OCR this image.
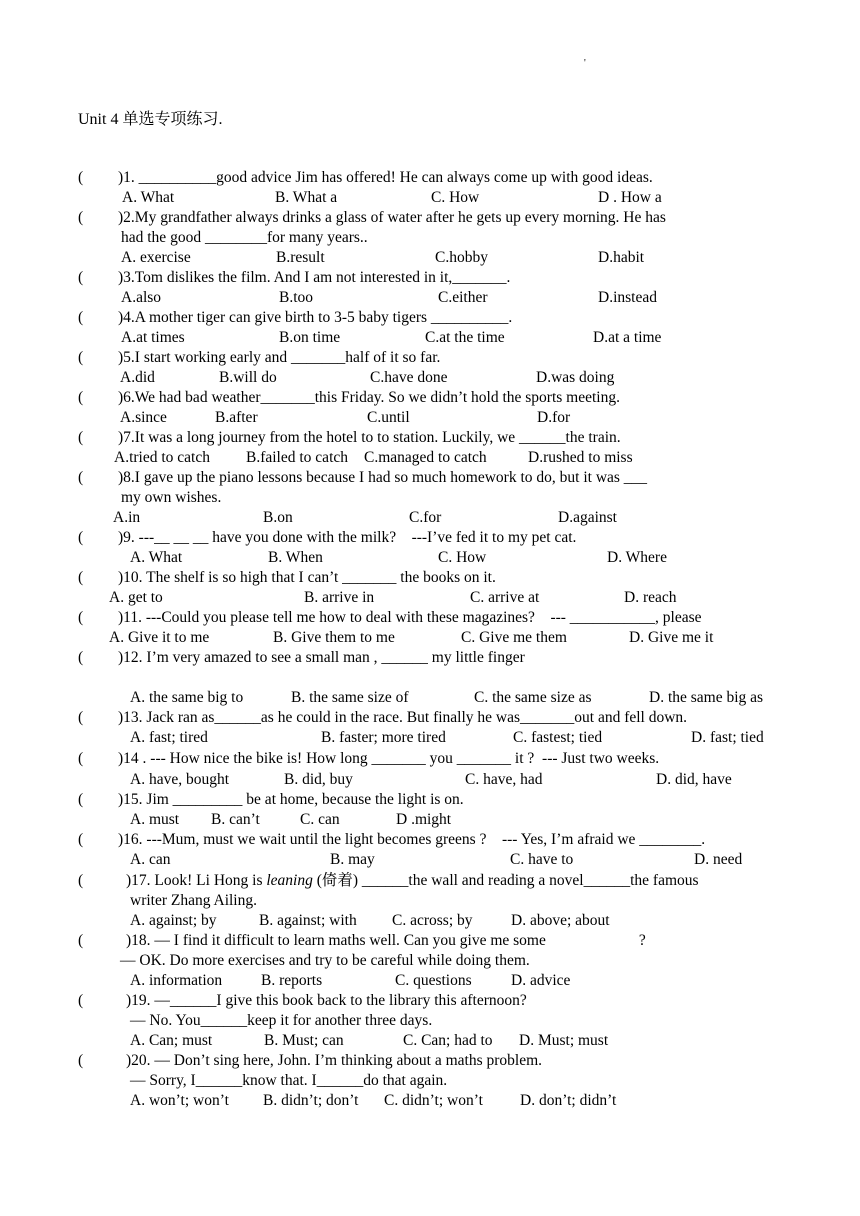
'
Unit 4 单选专项练习.
( )1. __________good advice Jim has offered! He can always come up with good ideas.
A. What	B. What a	C. How	D . How a
( )2.My grandfather always drinks a glass of water after he gets up every morning. He has
had the good ________for many years..
A. exercise	B.result	C.hobby	D.habit
( )3.Tom dislikes the film. And I am not interested in it,_______.
A.also	B.too	C.either	D.instead
( )4.A mother tiger can give birth to 3-5 baby tigers __________.
A.at times	B.on time	C.at the time	D.at a time
( )5.I start working early and _______half of it so far.
A.did	B.will do	C.have done	D.was doing
( )6.We had bad weather_______this Friday. So we didn’t hold the sports meeting.
A.since	B.after	C.until	D.for
( )7.It was a long journey from the hotel to to station. Luckily, we ______the train.
A.tried to catch B.failed to catch C.managed to catch	D.rushed to miss
( )8.I gave up the piano lessons because I had so much homework to do, but it was ___
my own wishes.
A.in	B.on	C.for	D.against
( )9. ---__ __ __ have you done with the milk?    ---I’ve fed it to my pet cat.
A. What	B. When	C. How	D. Where
( )10. The shelf is so high that I can’t _______ the books on it.
A. get to	B. arrive in	C. arrive at	D. reach
( )11. ---Could you please tell me how to deal with these magazines?    --- ___________, please
A. Give it to me	B. Give them to me	C. Give me them	D. Give me it
( )12. I’m very amazed to see a small man , ______ my little finger
A. the same big to	B. the same size of	C. the same size as	D. the same big as
( )13. Jack ran as______as he could in the race. But finally he was_______out and fell down.
A. fast; tired	B. faster; more tired	C. fastest; tied	D. fast; tied
( )14 . --- How nice the bike is! How long _______ you _______ it ?  --- Just two weeks.
A. have, bought	B. did, buy	C. have, had	D. did, have
( )15. Jim _________ be at home, because the light is on.
A. must B. can’t	C. can	D .might
( )16. ---Mum, must we wait until the light becomes greens ?    --- Yes, I’m afraid we ________.
A. can	B. may	C. have to	D. need
(	)17. Look! Li Hong is leaning (倚着) ______the wall and reading a novel______the famous
writer Zhang Ailing.
A. against; by	B. against; with C. across; by D. above; about
(	)18. — I find it difficult to learn maths well. Can you give me some                        ?
— OK. Do more exercises and try to be careful while doing them.
A. information	B. reports	C. questions	D. advice
(	)19. —______I give this book back to the library this afternoon?
— No. You______keep it for another three days.
A. Can; must	B. Must; can	C. Can; had to D. Must; must
(	)20. — Don’t sing here, John. I’m thinking about a maths problem.
— Sorry, I______know that. I______do that again.
A. won’t; won’t B. didn’t; don’t C. didn’t; won’t D. don’t; didn’t
